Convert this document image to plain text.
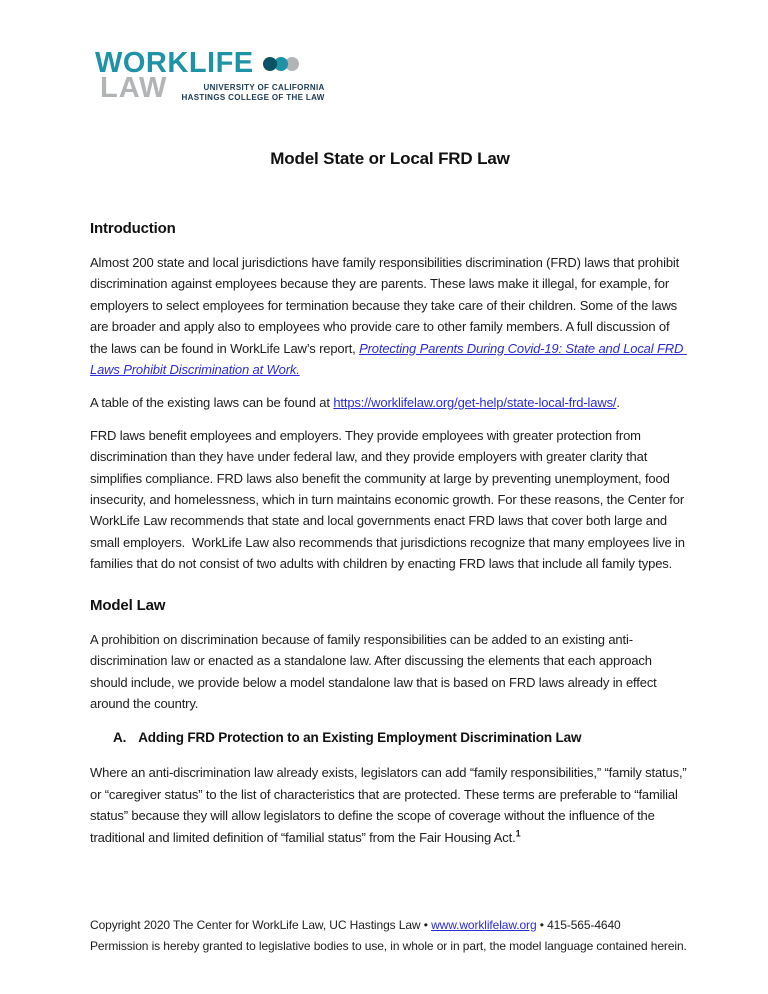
WORKLIFE
LAW	UNIVERSITY OF CALIFORNIA
HASTINGS COLLEGE OF THE LAW
Model State or Local FRD Law
Introduction

Almost 200 state and local jurisdictions have family responsibilities discrimination (FRD) laws that prohibit discrimination against employees because they are parents. These laws make it illegal, for example, for employers to select employees for termination because they take care of their children. Some of the laws are broader and apply also to employees who provide care to other family members. A full discussion of the laws can be found in WorkLife Law’s report, Protecting Parents During Covid-19: State and Local FRD Laws Prohibit Discrimination at Work.

A table of the existing laws can be found at https://worklifelaw.org/get-help/state-local-frd-laws/.

FRD laws benefit employees and employers. They provide employees with greater protection from discrimination than they have under federal law, and they provide employers with greater clarity that simplifies compliance. FRD laws also benefit the community at large by preventing unemployment, food insecurity, and homelessness, which in turn maintains economic growth. For these reasons, the Center for WorkLife Law recommends that state and local governments enact FRD laws that cover both large and small employers.  WorkLife Law also recommends that jurisdictions recognize that many employees live in families that do not consist of two adults with children by enacting FRD laws that include all family types.

Model Law

A prohibition on discrimination because of family responsibilities can be added to an existing anti-discrimination law or enacted as a standalone law. After discussing the elements that each approach should include, we provide below a model standalone law that is based on FRD laws already in effect around the country.

A. Adding FRD Protection to an Existing Employment Discrimination Law

Where an anti-discrimination law already exists, legislators can add “family responsibilities,” “family status,” or “caregiver status” to the list of characteristics that are protected. These terms are preferable to “familial status” because they will allow legislators to define the scope of coverage without the influence of the traditional and limited definition of “familial status” from the Fair Housing Act.$^1$

Copyright 2020 The Center for WorkLife Law, UC Hastings Law • www.worklifelaw.org • 415-565-4640
Permission is hereby granted to legislative bodies to use, in whole or in part, the model language contained herein.
